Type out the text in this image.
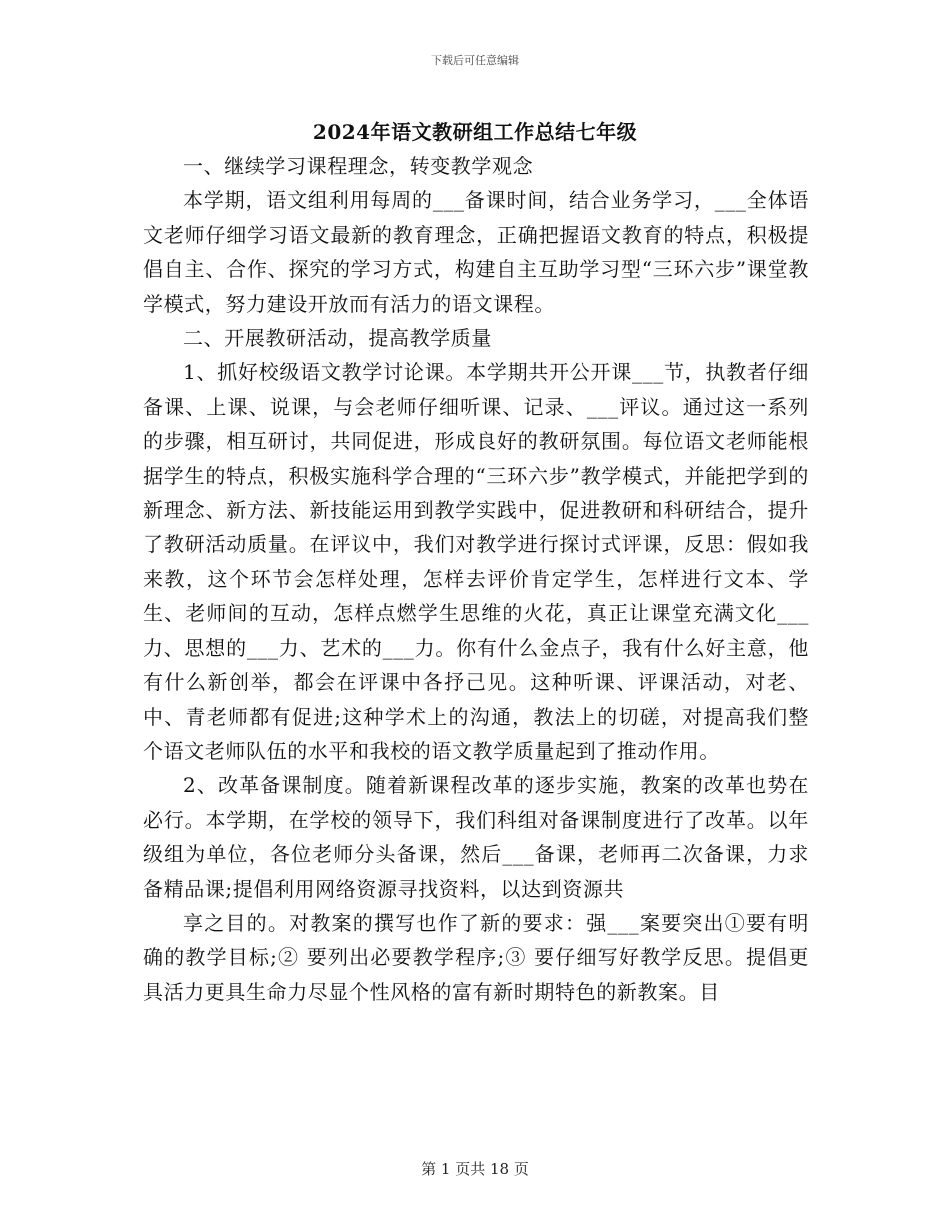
下载后可任意编辑
2024年语文教研组工作总结七年级

一、继续学习课程理念，转变教学观念

本学期，语文组利用每周的___备课时间，结合业务学习，___全体语文老师仔细学习语文最新的教育理念，正确把握语文教育的特点，积极提倡自主、合作、探究的学习方式，构建自主互助学习型“三环六步”课堂教学模式，努力建设开放而有活力的语文课程。

二、开展教研活动，提高教学质量

1、抓好校级语文教学讨论课。本学期共开公开课___节，执教者仔细备课、上课、说课，与会老师仔细听课、记录、___评议。通过这一系列的步骤，相互研讨，共同促进，形成良好的教研氛围。每位语文老师能根据学生的特点，积极实施科学合理的“三环六步”教学模式，并能把学到的新理念、新方法、新技能运用到教学实践中，促进教研和科研结合，提升了教研活动质量。在评议中，我们对教学进行探讨式评课，反思：假如我来教，这个环节会怎样处理，怎样去评价肯定学生，怎样进行文本、学生、老师间的互动，怎样点燃学生思维的火花，真正让课堂充满文化___力、思想的___力、艺术的___力。你有什么金点子，我有什么好主意，他有什么新创举，都会在评课中各抒己见。这种听课、评课活动，对老、中、青老师都有促进;这种学术上的沟通，教法上的切磋，对提高我们整个语文老师队伍的水平和我校的语文教学质量起到了推动作用。

2、改革备课制度。随着新课程改革的逐步实施，教案的改革也势在必行。本学期，在学校的领导下，我们科组对备课制度进行了改革。以年级组为单位，各位老师分头备课，然后___备课，老师再二次备课，力求备精品课;提倡利用网络资源寻找资料，以达到资源共

享之目的。对教案的撰写也作了新的要求：强___案要突出①要有明确的教学目标;② 要列出必要教学程序;③ 要仔细写好教学反思。提倡更具活力更具生命力尽显个性风格的富有新时期特色的新教案。目

第 1 页共 18 页
